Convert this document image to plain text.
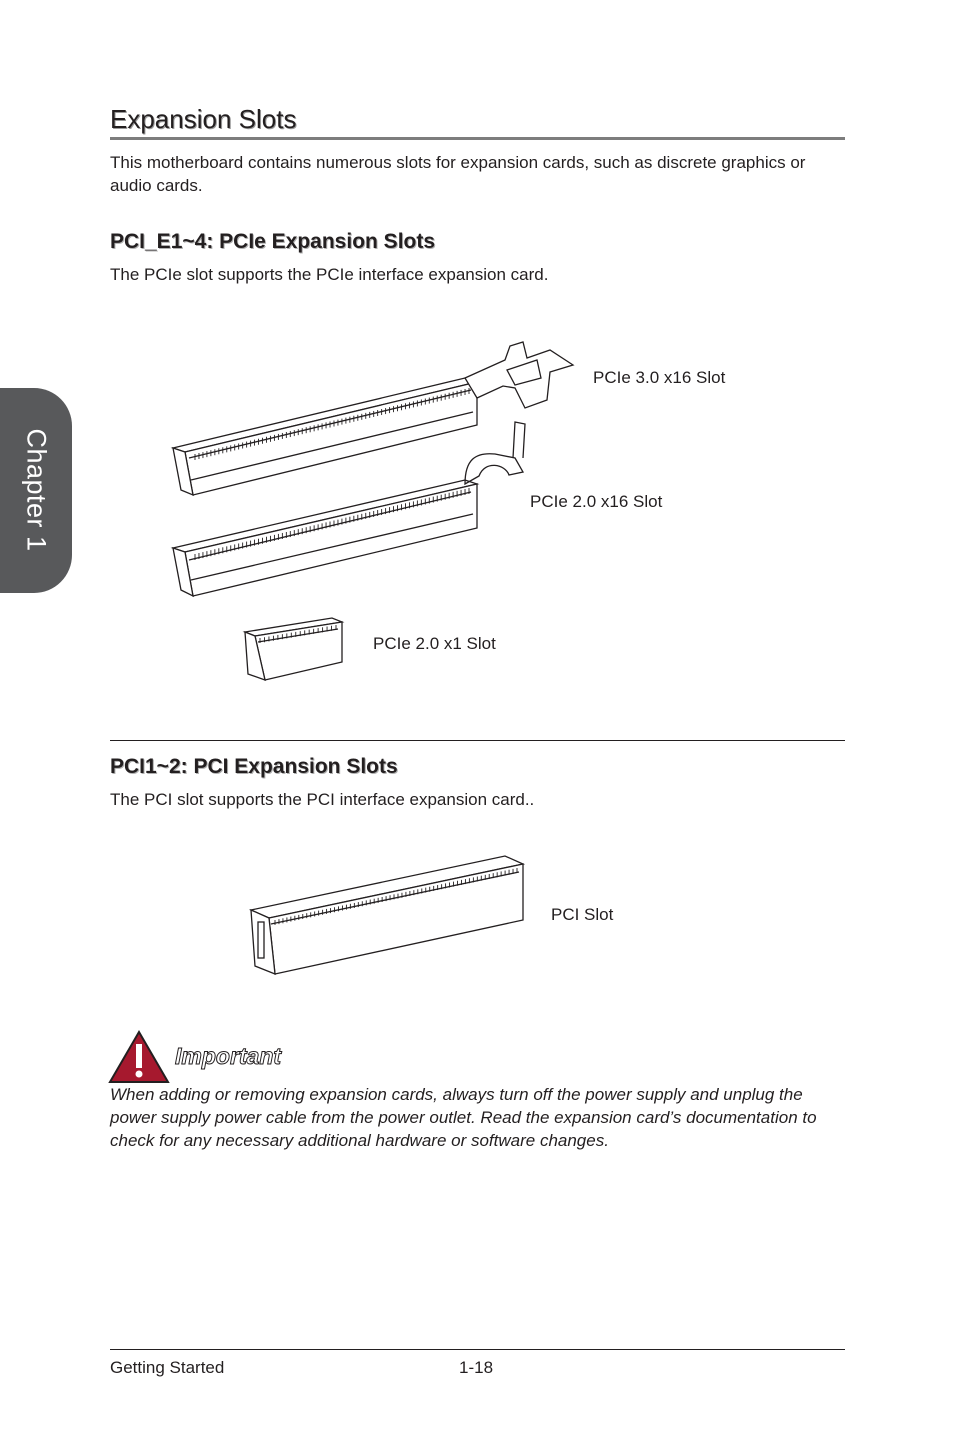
Chapter 1
Expansion Slots
This motherboard contains numerous slots for expansion cards, such as discrete graphics or audio cards.
PCI_E1~4: PCIe Expansion Slots
The PCIe slot supports the PCIe interface expansion card.
PCIe 3.0 x16 Slot
PCIe 2.0 x16 Slot
PCIe 2.0 x1 Slot
PCI1~2: PCI Expansion Slots
The PCI slot supports the PCI interface expansion card..
PCI Slot
Important
When adding or removing expansion cards, always turn off the power supply and unplug the power supply power cable from the power outlet. Read the expansion card’s documentation to check for any necessary additional hardware or software changes.
Getting Started	1-18
